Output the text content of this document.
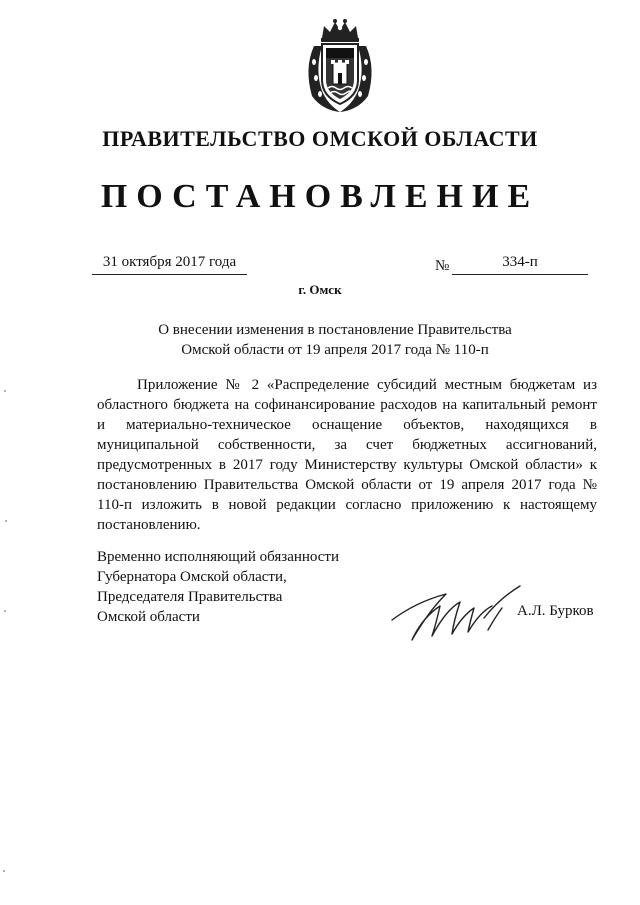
ПРАВИТЕЛЬСТВО ОМСКОЙ ОБЛАСТИ
ПОСТАНОВЛЕНИЕ
31 октября 2017 года	№	334-п
г. Омск
О внесении изменения в постановление Правительства
Омской области от 19 апреля 2017 года № 110-п
Приложение № 2 «Распределение субсидий местным бюджетам из областного бюджета на софинансирование расходов на капитальный ремонт и материально-техническое оснащение объектов, находящихся в муниципальной собственности, за счет бюджетных ассигнований, предусмотренных в 2017 году Министерству культуры Омской области» к постановлению Правительства Омской области от 19 апреля 2017 года № 110-п изложить в новой редакции согласно приложению к настоящему постановлению.
Временно исполняющий обязанности
Губернатора Омской области,
Председателя Правительства
Омской области	А.Л. Бурков
